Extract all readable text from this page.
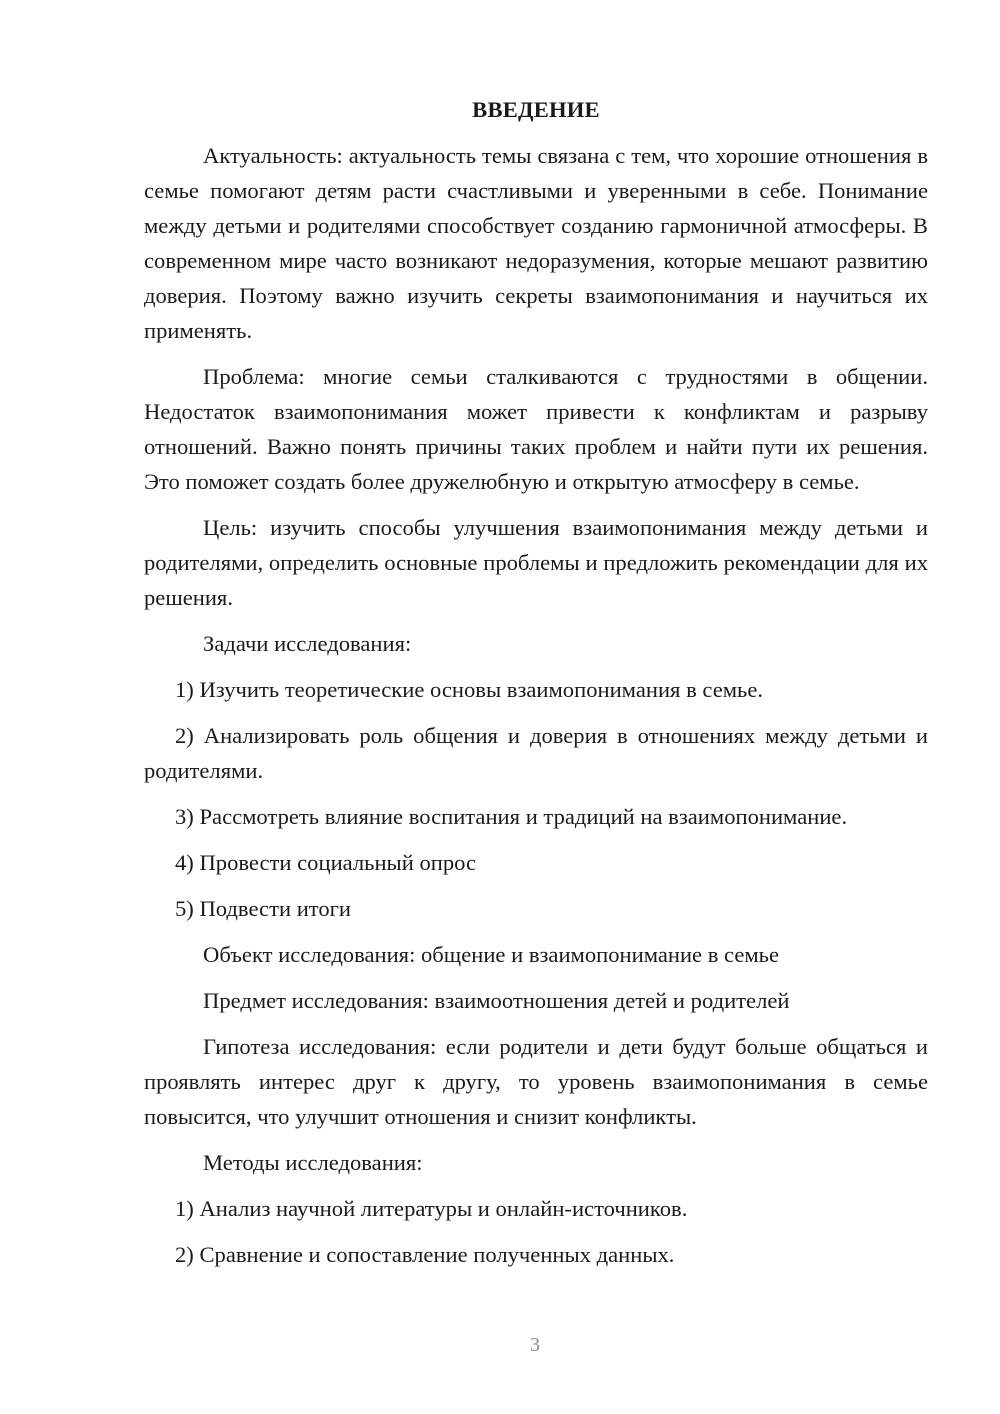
ВВЕДЕНИЕ

Актуальность: актуальность темы связана с тем, что хорошие отношения в семье помогают детям расти счастливыми и уверенными в себе. Понимание между детьми и родителями способствует созданию гармоничной атмосферы. В современном мире часто возникают недоразумения, которые мешают развитию доверия. Поэтому важно изучить секреты взаимопонимания и научиться их применять.

Проблема: многие семьи сталкиваются с трудностями в общении. Недостаток взаимопонимания может привести к конфликтам и разрыву отношений. Важно понять причины таких проблем и найти пути их решения. Это поможет создать более дружелюбную и открытую атмосферу в семье.

Цель: изучить способы улучшения взаимопонимания между детьми и родителями, определить основные проблемы и предложить рекомендации для их решения.

Задачи исследования:

1) Изучить теоретические основы взаимопонимания в семье.

2) Анализировать роль общения и доверия в отношениях между детьми и родителями.

3) Рассмотреть влияние воспитания и традиций на взаимопонимание.

4) Провести социальный опрос

5) Подвести итоги

Объект исследования: общение и взаимопонимание в семье

Предмет исследования: взаимоотношения детей и родителей

Гипотеза исследования: если родители и дети будут больше общаться и проявлять интерес друг к другу, то уровень взаимопонимания в семье повысится, что улучшит отношения и снизит конфликты.

Методы исследования:

1) Анализ научной литературы и онлайн-источников.

2) Сравнение и сопоставление полученных данных.

3
